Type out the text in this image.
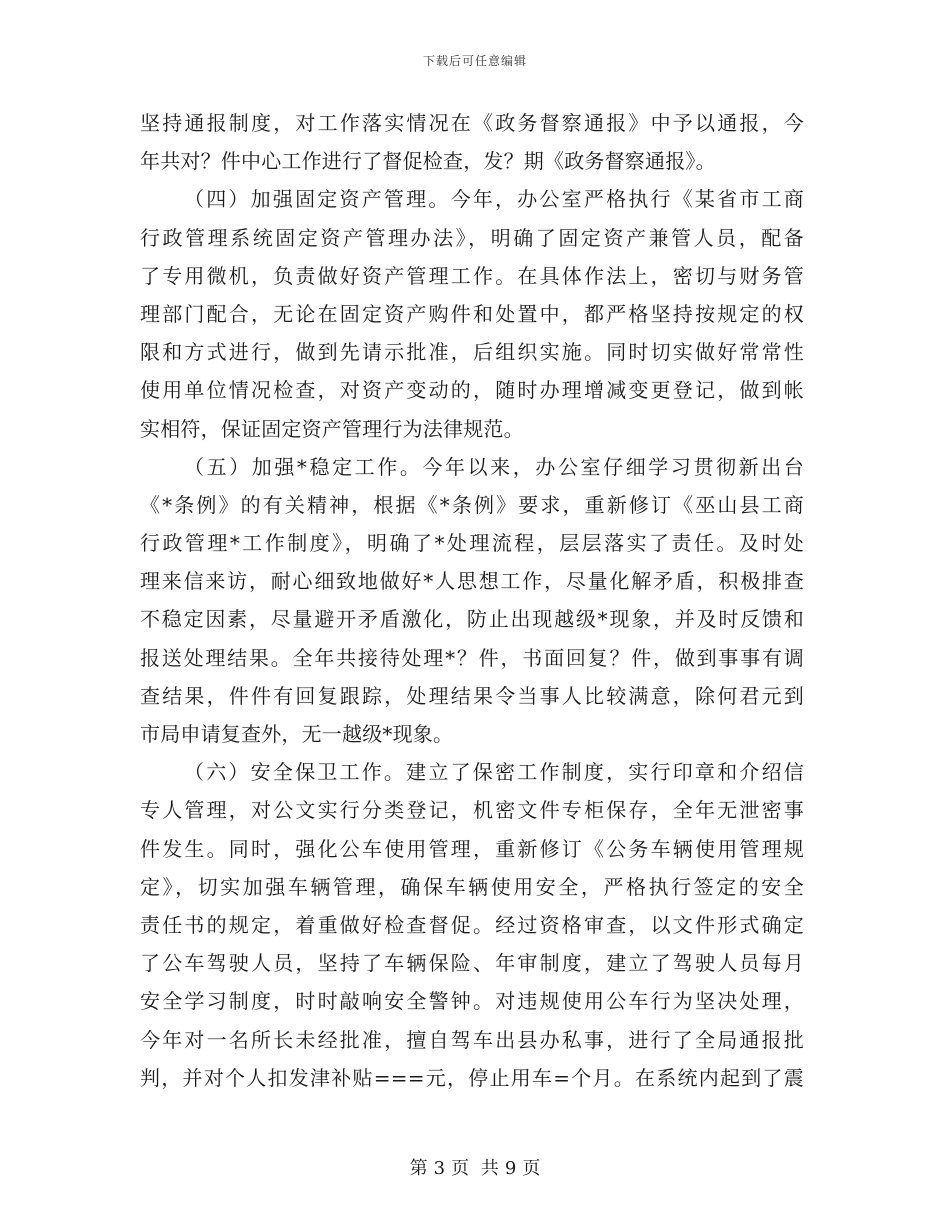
下载后可任意编辑
坚持通报制度，对工作落实情况在《政务督察通报》中予以通报，今
年共对？件中心工作进行了督促检查，发？期《政务督察通报》。
（四）加强固定资产管理。今年，办公室严格执行《某省市工商
行政管理系统固定资产管理办法》，明确了固定资产兼管人员，配备
了专用微机，负责做好资产管理工作。在具体作法上，密切与财务管
理部门配合，无论在固定资产购件和处置中，都严格坚持按规定的权
限和方式进行，做到先请示批准，后组织实施。同时切实做好常常性
使用单位情况检查，对资产变动的，随时办理增减变更登记，做到帐
实相符，保证固定资产管理行为法律规范。
（五）加强*稳定工作。今年以来，办公室仔细学习贯彻新出台
《*条例》的有关精神，根据《*条例》要求，重新修订《巫山县工商
行政管理*工作制度》，明确了*处理流程，层层落实了责任。及时处
理来信来访，耐心细致地做好*人思想工作，尽量化解矛盾，积极排查
不稳定因素，尽量避开矛盾激化，防止出现越级*现象，并及时反馈和
报送处理结果。全年共接待处理*？件，书面回复？件，做到事事有调
查结果，件件有回复跟踪，处理结果令当事人比较满意，除何君元到
市局申请复查外，无一越级*现象。
（六）安全保卫工作。建立了保密工作制度，实行印章和介绍信
专人管理，对公文实行分类登记，机密文件专柜保存，全年无泄密事
件发生。同时，强化公车使用管理，重新修订《公务车辆使用管理规
定》，切实加强车辆管理，确保车辆使用安全，严格执行签定的安全
责任书的规定，着重做好检查督促。经过资格审查，以文件形式确定
了公车驾驶人员，坚持了车辆保险、年审制度，建立了驾驶人员每月
安全学习制度，时时敲响安全警钟。对违规使用公车行为坚决处理，
今年对一名所长未经批准，擅自驾车出县办私事，进行了全局通报批
判，并对个人扣发津补贴===元，停止用车=个月。在系统内起到了震
第 3 页 共 9 页
